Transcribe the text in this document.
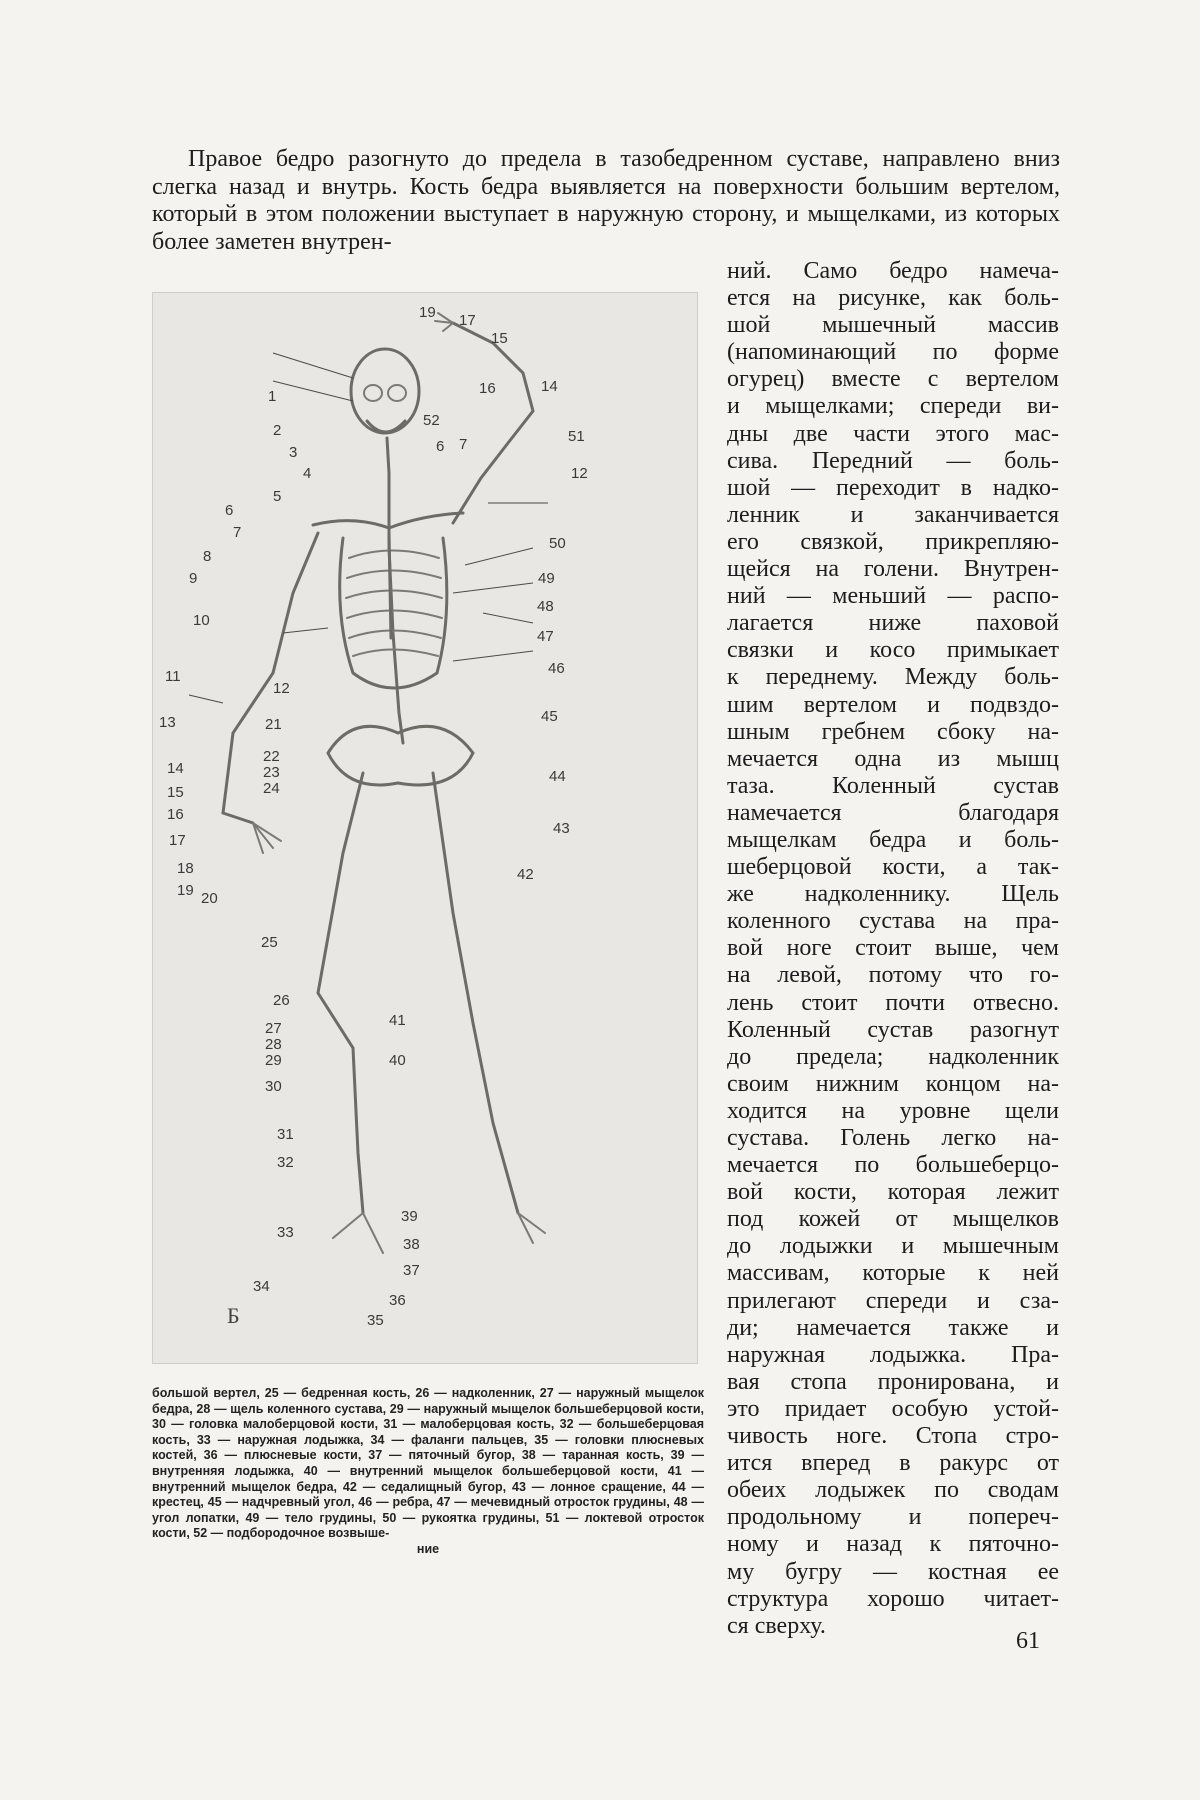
Правое бедро разогнуто до предела в тазобедренном суставе, направлено вниз слегка назад и внутрь. Кость бедра выявляется на поверхности большим вертелом, который в этом положении выступает в наружную сторону, и мыщелками, из которых более заметен внутрен-

19 17
15
16	14
1
2
52
3
4
6 7	51
12
5
6
7
50
8
49
9
48
10
47
46
11
12
45
13	21
22
14	23	44
24
15
16
43
17
18
19
42
20
25
26
41
27
28
29	40
30
31
32
39
33
38
37
34
36
35
Б

большой вертел, 25 — бедренная кость, 26 — надколенник, 27 — наружный мыщелок бедра, 28 — щель коленного сустава, 29 — наружный мыщелок большеберцовой кости, 30 — головка малоберцовой кости, 31 — малоберцовая кость, 32 — большеберцовая кость, 33 — наружная лодыжка, 34 — фаланги пальцев, 35 — головки плюсневых костей, 36 — плюсневые кости, 37 — пяточный бугор, 38 — таранная кость, 39 — внутренняя лодыжка, 40 — внутренний мыщелок большеберцовой кости, 41 — внутренний мыщелок бедра, 42 — седалищный бугор, 43 — лонное сращение, 44 — крестец, 45 — надчревный угол, 46 — ребра, 47 — мечевидный отросток грудины, 48 — угол лопатки, 49 — тело грудины, 50 — рукоятка грудины, 51 — локтевой отросток кости, 52 — подбородочное возвыше-
ние

ний. Само бедро намеча-
ется на рисунке, как боль-
шой мышечный массив
(напоминающий по форме
огурец) вместе с вертелом
и мыщелками; спереди ви-
дны две части этого мас-
сива. Передний — боль-
шой — переходит в надко-
ленник и заканчивается
его связкой, прикрепляю-
щейся на голени. Внутрен-
ний — меньший — распо-
лагается ниже паховой
связки и косо примыкает
к переднему. Между боль-
шим вертелом и подвздо-
шным гребнем сбоку на-
мечается одна из мышц
таза. Коленный сустав
намечается благодаря
мыщелкам бедра и боль-
шеберцовой кости, а так-
же надколеннику. Щель
коленного сустава на пра-
вой ноге стоит выше, чем
на левой, потому что го-
лень стоит почти отвесно.
Коленный сустав разогнут
до предела; надколенник
своим нижним концом на-
ходится на уровне щели
сустава. Голень легко на-
мечается по большеберцо-
вой кости, которая лежит
под кожей от мыщелков
до лодыжки и мышечным
массивам, которые к ней
прилегают спереди и сза-
ди; намечается также и
наружная лодыжка. Пра-
вая стопа пронирована, и
это придает особую устой-
чивость ноге. Стопа стро-
ится вперед в ракурс от
обеих лодыжек по сводам
продольному и попереч-
ному и назад к пяточно-
му бугру — костная ее
структура хорошо читает-
ся сверху.
61
